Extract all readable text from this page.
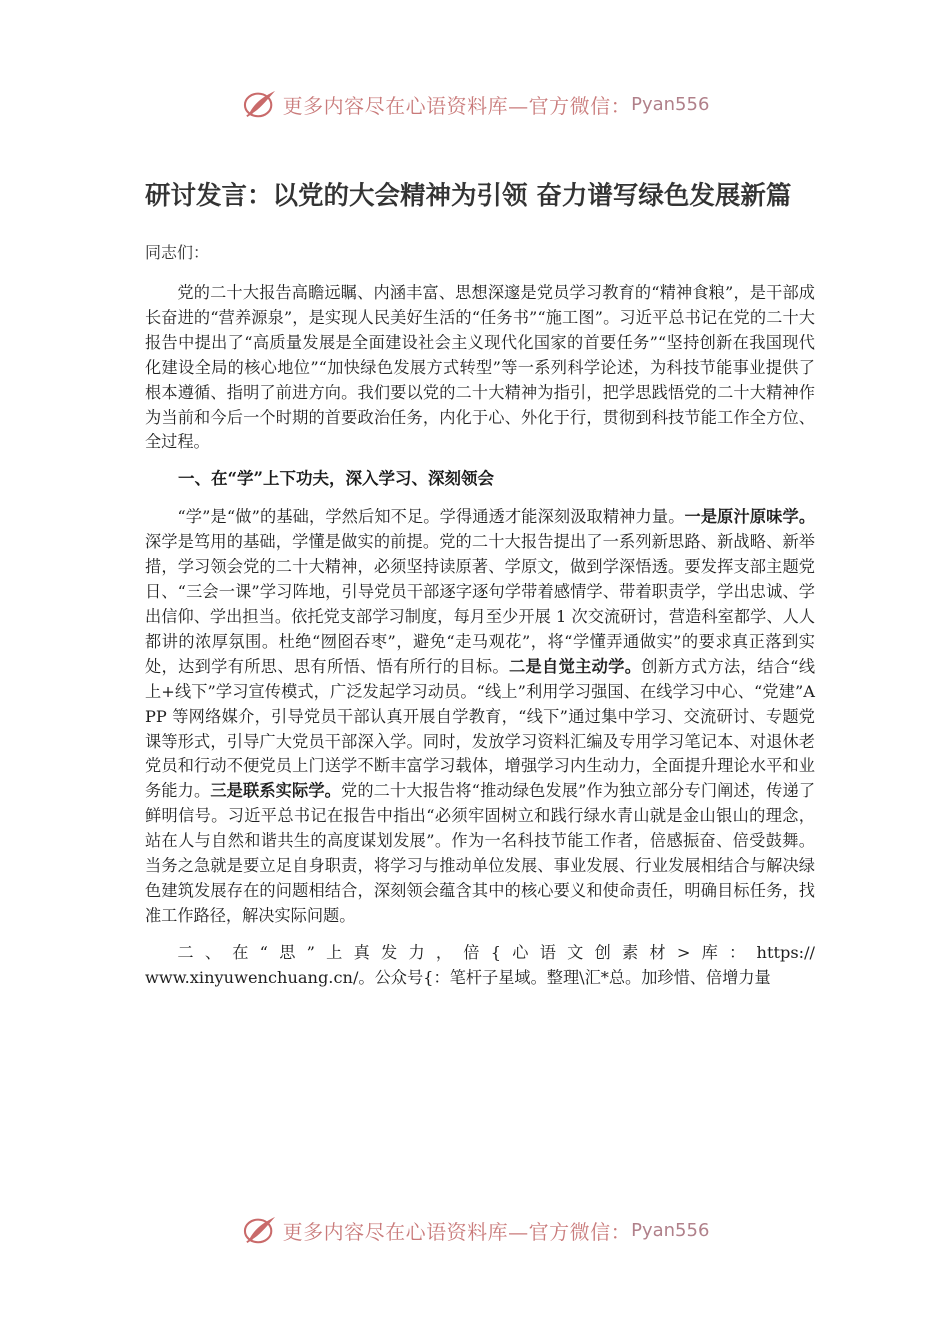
更多内容尽在心语资料库—官方微信： Pyan556
研讨发言：以党的大会精神为引领 奋力谱写绿色发展新篇
同志们：

党的二十大报告高瞻远瞩、内涵丰富、思想深邃是党员学习教育的“精神食粮”，是干部成长奋进的“营养源泉”，是实现人民美好生活的“任务书”“施工图”。习近平总书记在党的二十大报告中提出了“高质量发展是全面建设社会主义现代化国家的首要任务”“坚持创新在我国现代化建设全局的核心地位”“加快绿色发展方式转型”等一系列科学论述，为科技节能事业提供了根本遵循、指明了前进方向。我们要以党的二十大精神为指引，把学思践悟党的二十大精神作为当前和今后一个时期的首要政治任务，内化于心、外化于行，贯彻到科技节能工作全方位、全过程。

一、在“学”上下功夫，深入学习、深刻领会

“学”是“做”的基础，学然后知不足。学得通透才能深刻汲取精神力量。一是原汁原味学。深学是笃用的基础，学懂是做实的前提。党的二十大报告提出了一系列新思路、新战略、新举措，学习领会党的二十大精神，必须坚持读原著、学原文，做到学深悟透。要发挥支部主题党日、“三会一课”学习阵地，引导党员干部逐字逐句学带着感情学、带着职责学，学出忠诚、学出信仰、学出担当。依托党支部学习制度，每月至少开展 1 次交流研讨，营造科室都学、人人都讲的浓厚氛围。杜绝“囫囵吞枣”，避免“走马观花”，将“学懂弄通做实”的要求真正落到实处，达到学有所思、思有所悟、悟有所行的目标。二是自觉主动学。创新方式方法，结合“线上+线下”学习宣传模式，广泛发起学习动员。“线上”利用学习强国、在线学习中心、“党建”APP 等网络媒介，引导党员干部认真开展自学教育，“线下”通过集中学习、交流研讨、专题党课等形式，引导广大党员干部深入学。同时，发放学习资料汇编及专用学习笔记本、对退休老党员和行动不便党员上门送学不断丰富学习载体，增强学习内生动力，全面提升理论水平和业务能力。三是联系实际学。党的二十大报告将“推动绿色发展”作为独立部分专门阐述，传递了鲜明信号。习近平总书记在报告中指出“必须牢固树立和践行绿水青山就是金山银山的理念，站在人与自然和谐共生的高度谋划发展”。作为一名科技节能工作者，倍感振奋、倍受鼓舞。当务之急就是要立足自身职责，将学习与推动单位发展、事业发展、行业发展相结合与解决绿色建筑发展存在的问题相结合，深刻领会蕴含其中的核心要义和使命责任，明确目标任务，找准工作路径，解决实际问题。

二、在“思”上真发力，倍{心语文创素材>库：https://www.xinyuwenchuang.cn/。公众号{：笔杆子星域。整理\汇*总。加珍惜、倍增力量

更多内容尽在心语资料库—官方微信： Pyan556
